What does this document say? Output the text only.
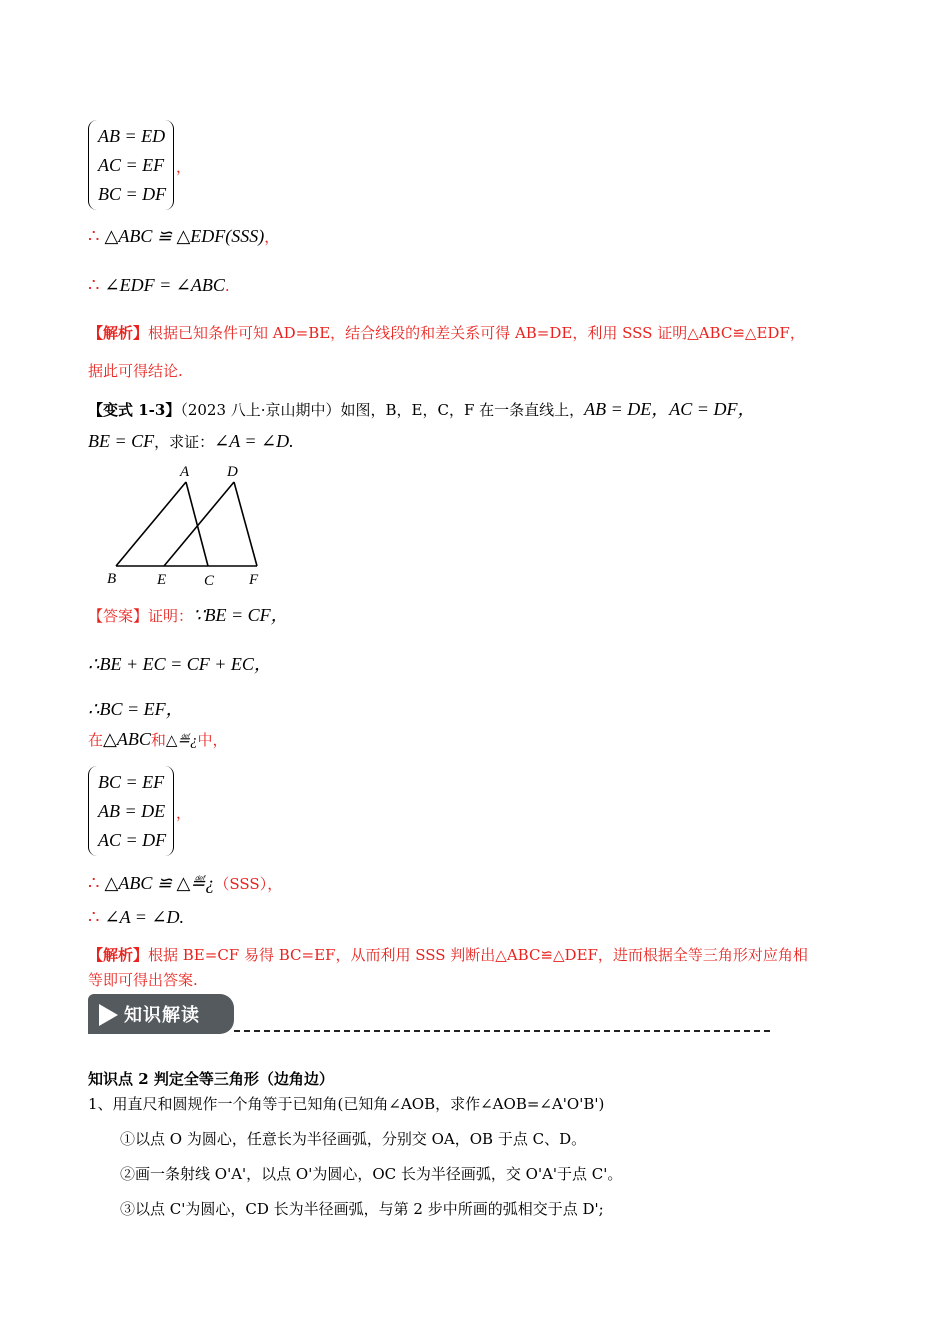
AB = ED
AC = EF
BC = DF
，
∴ △ABC ≌ △EDF(SSS)，
∴ ∠EDF = ∠ABC.
【解析】根据已知条件可知 AD=BE，结合线段的和差关系可得 AB=DE，利用 SSS 证明△ABC≌△EDF，
据此可得结论.
【变式 1-3】（2023 八上·京山期中）如图，B，E，C，F 在一条直线上，AB = DE，AC = DF，
BE = CF，求证：∠A = ∠D.
A	D
B	E	C F
【答案】证明：∵BE = CF，
∴BE + EC = CF + EC，
∴BC = EF，
在△ABC和△≝¿中，
BC = EF
AB = DE
AC = DF
，
∴ △ABC ≌ △≝¿（SSS），
∴ ∠A = ∠D.
【解析】根据 BE=CF 易得 BC=EF，从而利用 SSS 判断出△ABC≌△DEF，进而根据全等三角形对应角相
等即可得出答案.
知识解读
知识点 2 判定全等三角形（边角边）
1、用直尺和圆规作一个角等于已知角(已知角∠AOB，求作∠AOB=∠A'O'B')
①以点 O 为圆心，任意长为半径画弧，分别交 OA，OB 于点 C、D。
②画一条射线 O'A'，以点 O'为圆心，OC 长为半径画弧，交 O'A'于点 C'。
③以点 C'为圆心，CD 长为半径画弧，与第 2 步中所画的弧相交于点 D';
